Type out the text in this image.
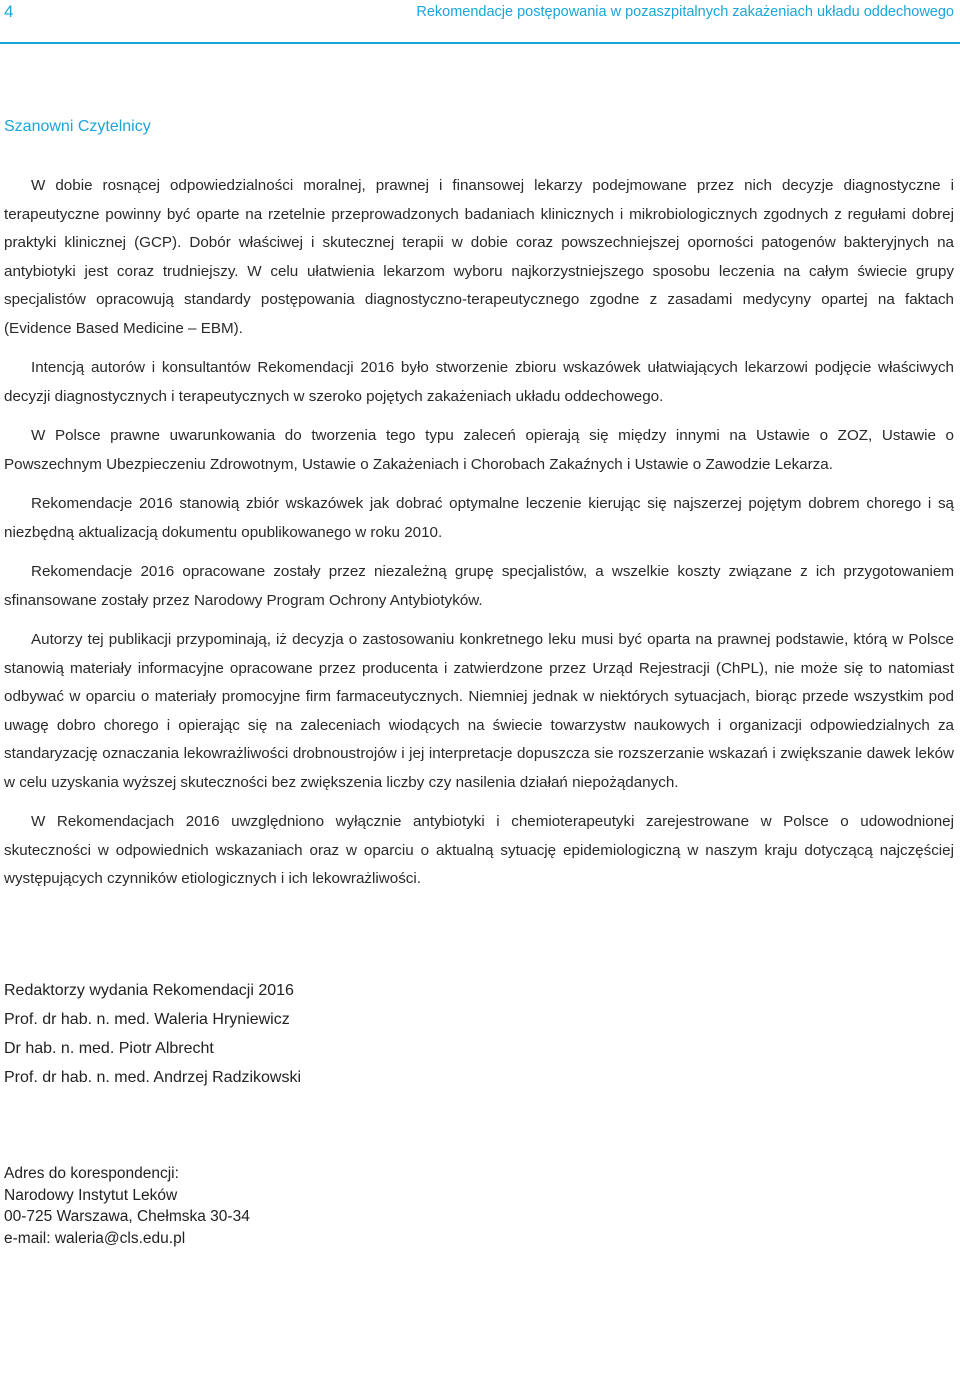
4	Rekomendacje postępowania w pozaszpitalnych zakażeniach układu oddechowego
Szanowni Czytelnicy

W dobie rosnącej odpowiedzialności moralnej, prawnej i finansowej lekarzy podejmowane przez nich decyzje diagnostyczne i terapeutyczne powinny być oparte na rzetelnie przeprowadzonych badaniach klinicznych i mikrobiologicznych zgodnych z regułami dobrej praktyki klinicznej (GCP). Dobór właściwej i skutecznej terapii w dobie coraz powszechniejszej oporności patogenów bakteryjnych na antybiotyki jest coraz trudniejszy. W celu ułatwienia lekarzom wyboru najkorzystniejszego sposobu leczenia na całym świecie grupy specjalistów opracowują standardy postępowania diagnostyczno-terapeutycznego zgodne z zasadami medycyny opartej na faktach (Evidence Based Medicine – EBM).

Intencją autorów i konsultantów Rekomendacji 2016 było stworzenie zbioru wskazówek ułatwiających lekarzowi podjęcie właściwych decyzji diagnostycznych i terapeutycznych w szeroko pojętych zakażeniach układu oddechowego.

W Polsce prawne uwarunkowania do tworzenia tego typu zaleceń opierają się między innymi na Ustawie o ZOZ, Ustawie o Powszechnym Ubezpieczeniu Zdrowotnym, Ustawie o Zakażeniach i Chorobach Zakaźnych i Ustawie o Zawodzie Lekarza.

Rekomendacje 2016 stanowią zbiór wskazówek jak dobrać optymalne leczenie kierując się najszerzej pojętym dobrem chorego i są niezbędną aktualizacją dokumentu opublikowanego w roku 2010.

Rekomendacje 2016 opracowane zostały przez niezależną grupę specjalistów, a wszelkie koszty związane z ich przygotowaniem sfinansowane zostały przez Narodowy Program Ochrony Antybiotyków.

Autorzy tej publikacji przypominają, iż decyzja o zastosowaniu konkretnego leku musi być oparta na prawnej podstawie, którą w Polsce stanowią materiały informacyjne opracowane przez producenta i zatwierdzone przez Urząd Rejestracji (ChPL), nie może się to natomiast odbywać w oparciu o materiały promocyjne firm farmaceutycznych. Niemniej jednak w niektórych sytuacjach, biorąc przede wszystkim pod uwagę dobro chorego i opierając się na zaleceniach wiodących na świecie towarzystw naukowych i organizacji odpowiedzialnych za standaryzację oznaczania lekowrażliwości drobnoustrojów i jej interpretacje dopuszcza sie rozszerzanie wskazań i zwiększanie dawek leków w celu uzyskania wyższej skuteczności bez zwiększenia liczby czy nasilenia działań niepożądanych.

W Rekomendacjach 2016 uwzględniono wyłącznie antybiotyki i chemioterapeutyki zarejestrowane w Polsce o udowodnionej skuteczności w odpowiednich wskazaniach oraz w oparciu o aktualną sytuację epidemiologiczną w naszym kraju dotyczącą najczęściej występujących czynników etiologicznych i ich lekowrażliwości.

Redaktorzy wydania Rekomendacji 2016
Prof. dr hab. n. med. Waleria Hryniewicz
Dr hab. n. med. Piotr Albrecht
Prof. dr hab. n. med. Andrzej Radzikowski
Adres do korespondencji:
Narodowy Instytut Leków
00-725 Warszawa, Chełmska 30-34
e-mail: waleria@cls.edu.pl
